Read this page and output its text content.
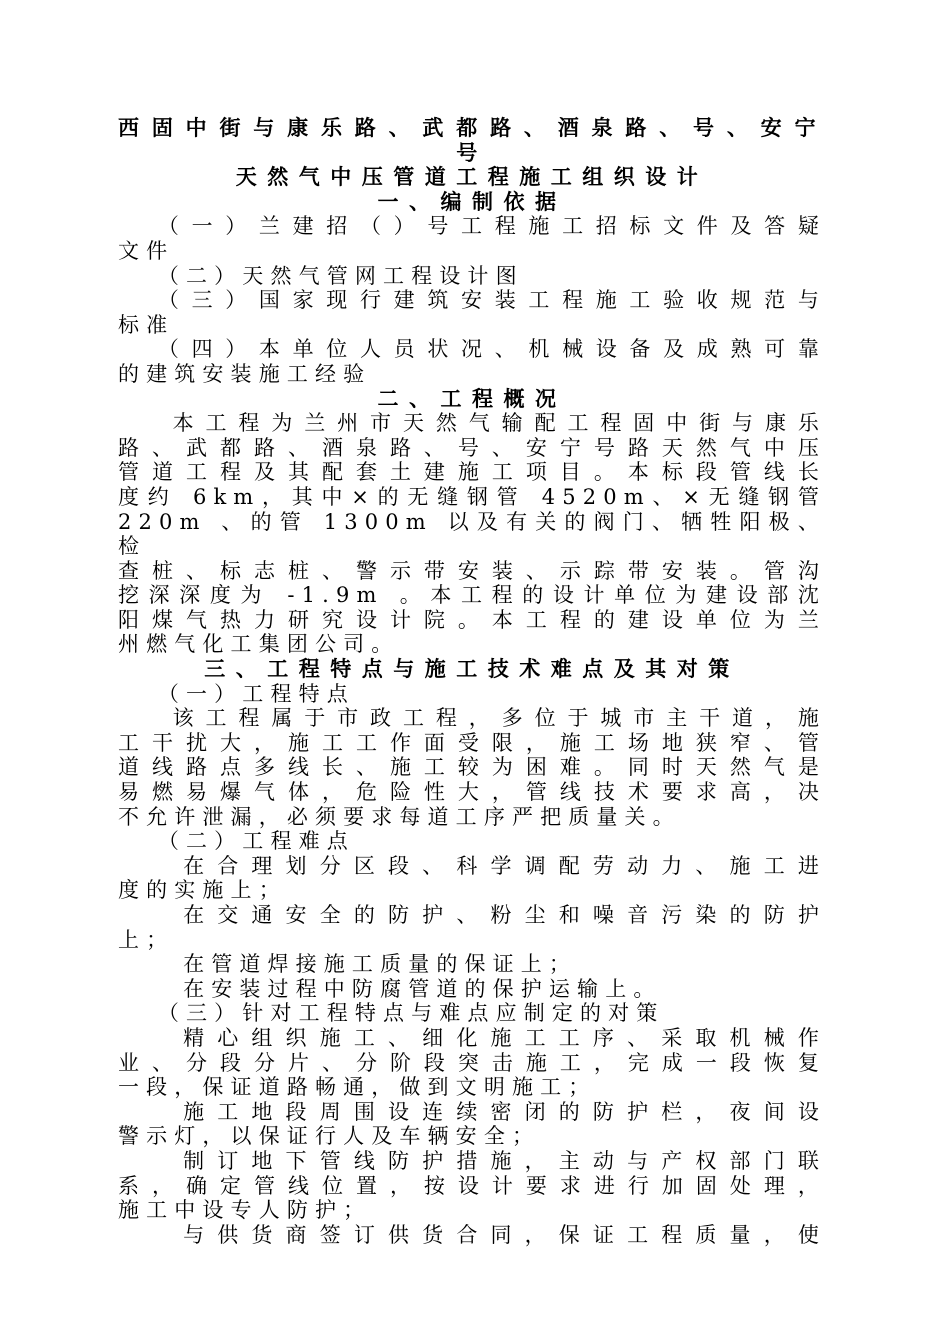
西固中街与康乐路、武都路、酒泉路、号、安宁

号

天然气中压管道工程施工组织设计

一、编制依据

（一）兰建招（）号工程施工招标文件及答疑

文件

（二）天然气管网工程设计图

（三）国家现行建筑安装工程施工验收规范与

标准

（四）本单位人员状况、机械设备及成熟可靠

的建筑安装施工经验

二、工程概况

本工程为兰州市天然气输配工程固中街与康乐

路、武都路、酒泉路、号、安宁号路天然气中压

管道工程及其配套土建施工项目。本标段管线长

度约 6km，其中×的无缝钢管 4520m、×无缝钢管

220m 、的管 1300m 以及有关的阀门、牺牲阳极、检

查桩、标志桩、警示带安装、示踪带安装。管沟

挖深深度为 -1.9m 。本工程的设计单位为建设部沈

阳煤气热力研究设计院。本工程的建设单位为兰

州燃气化工集团公司。

三、工程特点与施工技术难点及其对策

（一）工程特点

该工程属于市政工程，多位于城市主干道，施

工干扰大，施工工作面受限，施工场地狭窄、管

道线路点多线长、施工较为困难。同时天然气是

易燃易爆气体，危险性大，管线技术要求高，决

不允许泄漏，必须要求每道工序严把质量关。

（二）工程难点

在合理划分区段、科学调配劳动力、施工进

度的实施上；

在交通安全的防护、粉尘和噪音污染的防护

上；

在管道焊接施工质量的保证上；

在安装过程中防腐管道的保护运输上。

（三）针对工程特点与难点应制定的对策

精心组织施工、细化施工工序、采取机械作

业、分段分片、分阶段突击施工，完成一段恢复

一段，保证道路畅通，做到文明施工；

施工地段周围设连续密闭的防护栏，夜间设

警示灯，以保证行人及车辆安全；

制订地下管线防护措施，主动与产权部门联

系，确定管线位置，按设计要求进行加固处理，

施工中设专人防护；

与供货商签订供货合同，保证工程质量，使
